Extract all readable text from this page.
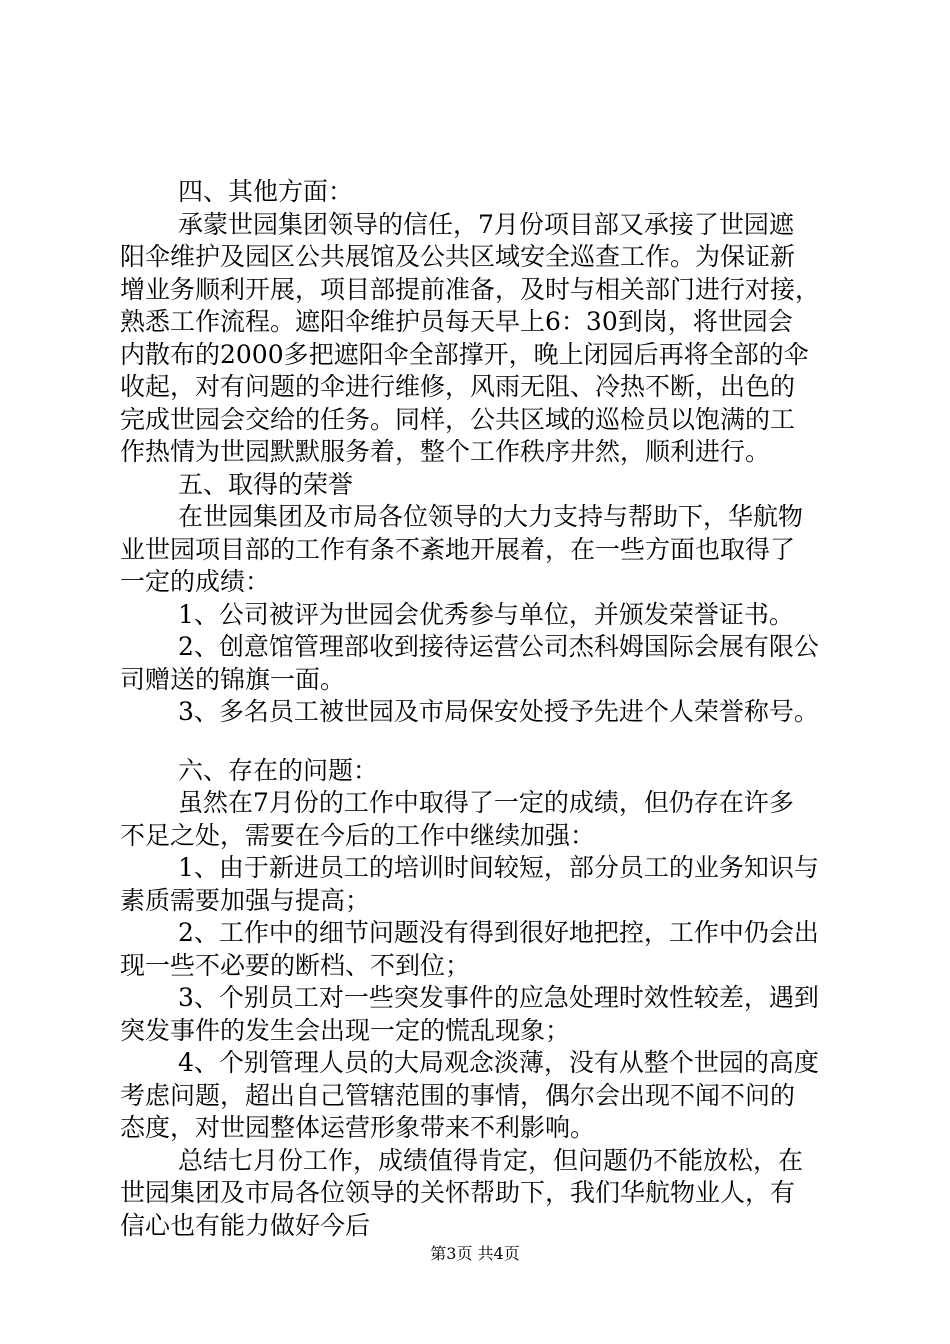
四、其他方面：
承蒙世园集团领导的信任，7月份项目部又承接了世园遮
阳伞维护及园区公共展馆及公共区域安全巡查工作。为保证新
增业务顺利开展，项目部提前准备，及时与相关部门进行对接，
熟悉工作流程。遮阳伞维护员每天早上6：30到岗，将世园会
内散布的2000多把遮阳伞全部撑开，晚上闭园后再将全部的伞
收起，对有问题的伞进行维修，风雨无阻、冷热不断，出色的
完成世园会交给的任务。同样，公共区域的巡检员以饱满的工
作热情为世园默默服务着，整个工作秩序井然，顺利进行。
五、取得的荣誉
在世园集团及市局各位领导的大力支持与帮助下，华航物
业世园项目部的工作有条不紊地开展着，在一些方面也取得了
一定的成绩：
1、公司被评为世园会优秀参与单位，并颁发荣誉证书。
2、创意馆管理部收到接待运营公司杰科姆国际会展有限公
司赠送的锦旗一面。
3、多名员工被世园及市局保安处授予先进个人荣誉称号。
六、存在的问题：
虽然在7月份的工作中取得了一定的成绩，但仍存在许多
不足之处，需要在今后的工作中继续加强：
1、由于新进员工的培训时间较短，部分员工的业务知识与
素质需要加强与提高；
2、工作中的细节问题没有得到很好地把控，工作中仍会出
现一些不必要的断档、不到位；
3、个别员工对一些突发事件的应急处理时效性较差，遇到
突发事件的发生会出现一定的慌乱现象；
4、个别管理人员的大局观念淡薄，没有从整个世园的高度
考虑问题，超出自己管辖范围的事情，偶尔会出现不闻不问的
态度，对世园整体运营形象带来不利影响。
总结七月份工作，成绩值得肯定，但问题仍不能放松，在
世园集团及市局各位领导的关怀帮助下，我们华航物业人，有
信心也有能力做好今后
第3页 共4页
